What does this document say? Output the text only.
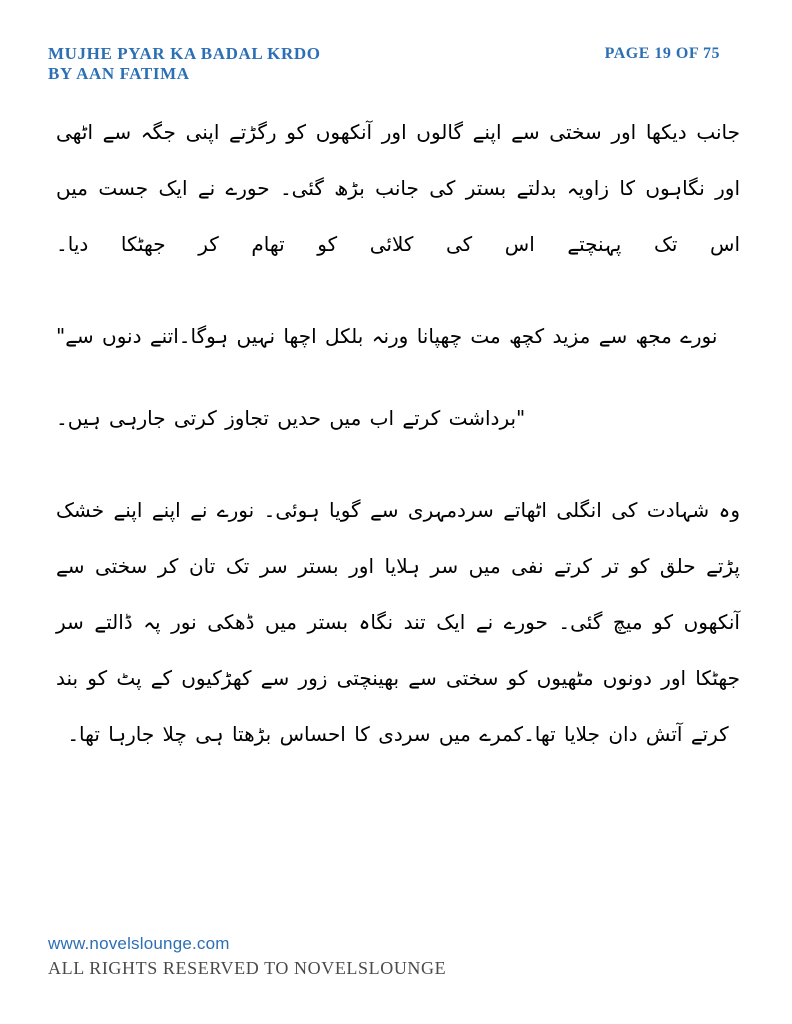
MUJHE PYAR KA BADAL KRDO
BY AAN FATIMA
PAGE 19 OF 75

جانب دیکھا اور سختی سے اپنے گالوں اور آنکھوں کو رگڑتے اپنی جگہ سے اٹھی اور نگاہوں کا زاویہ بدلتے بستر کی جانب بڑھ گئی۔ حورے نے ایک جست میں اس تک پہنچتے اس کی کلائی کو تھام کر جھٹکا دیا۔

نورے مجھ سے مزید کچھ مت چھپانا ورنہ بلکل اچھا نہیں ہوگا۔اتنے دنوں سے"

"برداشت کرتے اب میں حدیں تجاوز کرتی جارہی ہیں۔

وہ شہادت کی انگلی اٹھاتے سردمہری سے گویا ہوئی۔ نورے نے اپنے اپنے خشک پڑتے حلق کو تر کرتے نفی میں سر ہلایا اور بستر سر تک تان کر سختی سے آنکھوں کو میچ گئی۔ حورے نے ایک تند نگاہ بستر میں ڈھکی نور پہ ڈالتے سر جھٹکا اور دونوں مٹھیوں کو سختی سے بھینچتی زور سے کھڑکیوں کے پٹ کو بند کرتے آتش دان جلایا تھا۔کمرے میں سردی کا احساس بڑھتا ہی چلا جارہا تھا۔

www.novelslounge.com
ALL RIGHTS RESERVED TO NOVELSLOUNGE
